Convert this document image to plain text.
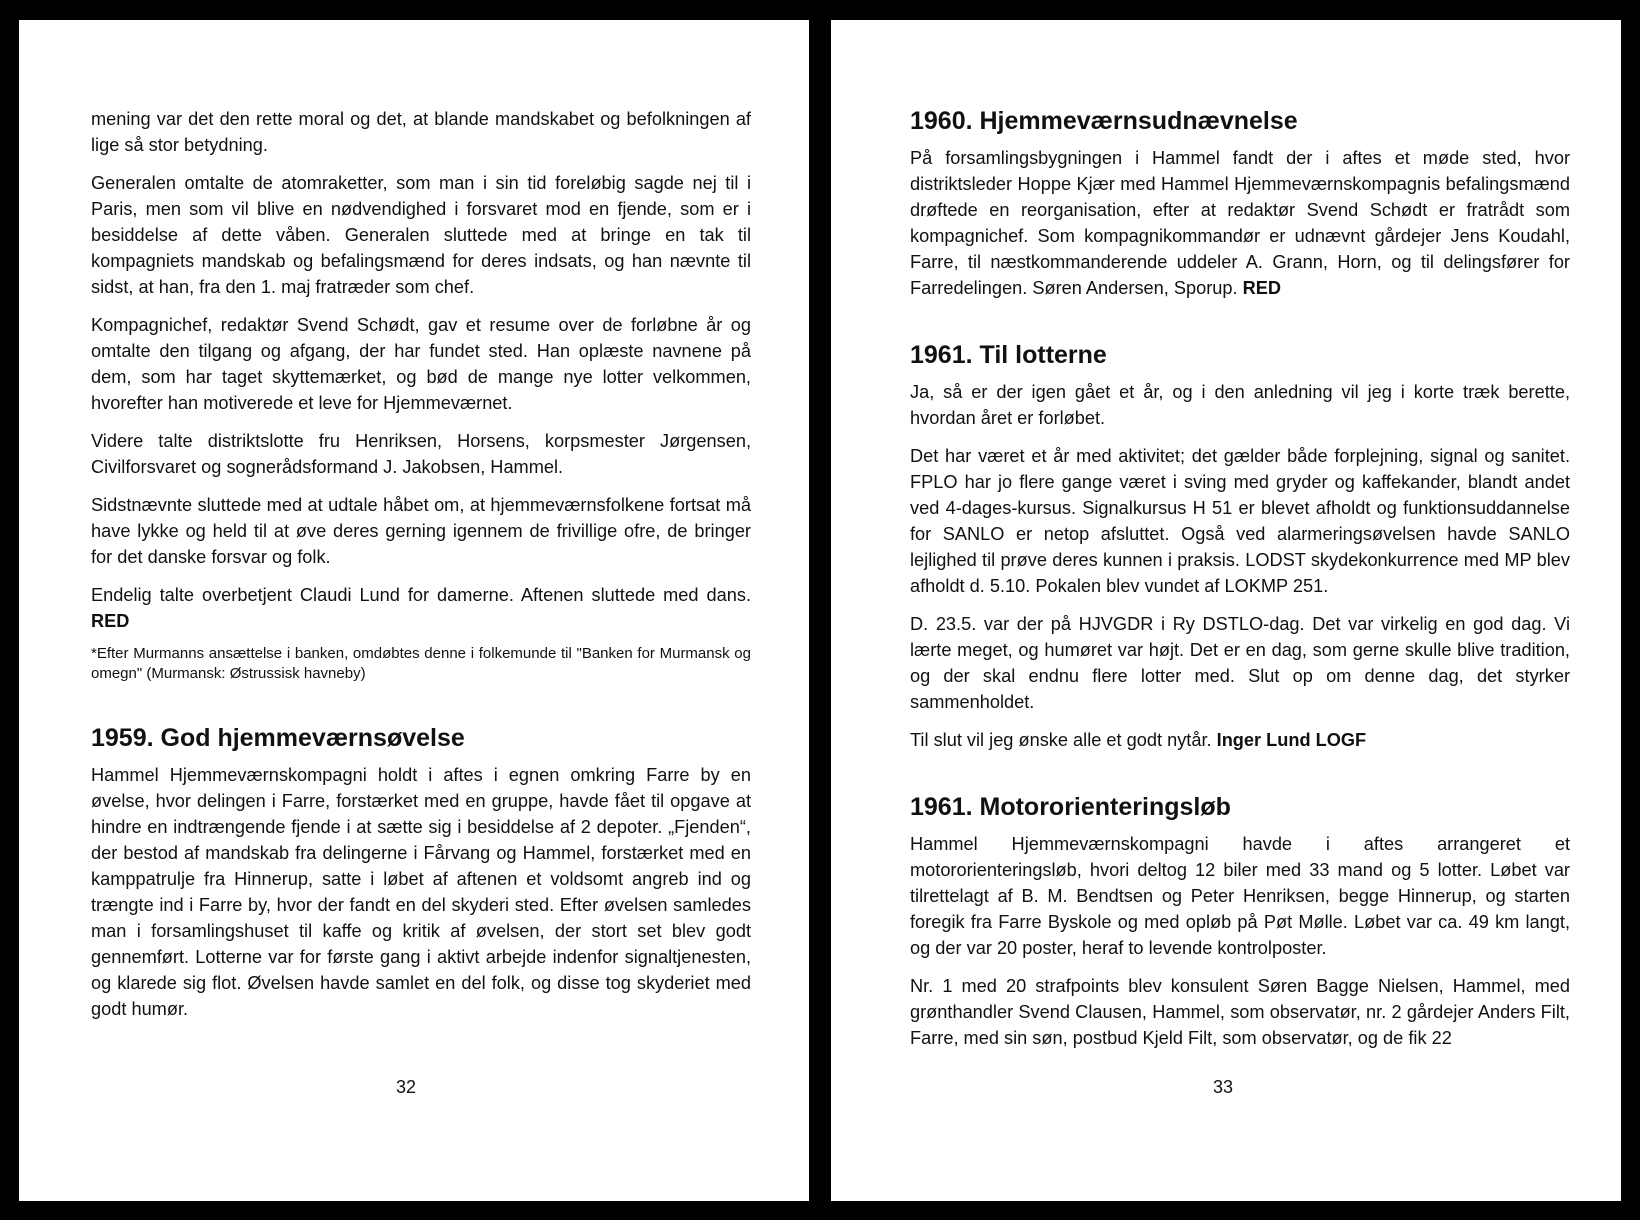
mening var det den rette moral og det, at blande mandskabet og befolkningen af lige så stor betydning.

Generalen omtalte de atomraketter, som man i sin tid foreløbig sagde nej til i Paris, men som vil blive en nødvendighed i forsvaret mod en fjende, som er i besiddelse af dette våben. Generalen sluttede med at bringe en tak til kompagniets mandskab og befalingsmænd for deres indsats, og han nævnte til sidst, at han, fra den 1. maj fratræder som chef.

Kompagnichef, redaktør Svend Schødt, gav et resume over de forløbne år og omtalte den tilgang og afgang, der har fundet sted. Han oplæste navnene på dem, som har taget skyttemærket, og bød de mange nye lotter velkommen, hvorefter han motiverede et leve for Hjemmeværnet.

Videre talte distriktslotte fru Henriksen, Horsens, korpsmester Jørgensen, Civilforsvaret og sognerådsformand J. Jakobsen, Hammel.

Sidstnævnte sluttede med at udtale håbet om, at hjemmeværnsfolkene fortsat må have lykke og held til at øve deres gerning igennem de frivillige ofre, de bringer for det danske forsvar og folk.

Endelig talte overbetjent Claudi Lund for damerne. Aftenen sluttede med dans. RED

*Efter Murmanns ansættelse i banken, omdøbtes denne i folkemunde til "Banken for Murmansk og omegn" (Murmansk: Østrussisk havneby)

1959. God hjemmeværnsøvelse

Hammel Hjemmeværnskompagni holdt i aftes i egnen omkring Farre by en øvelse, hvor delingen i Farre, forstærket med en gruppe, havde fået til opgave at hindre en indtrængende fjende i at sætte sig i besiddelse af 2 depoter. „Fjenden“, der bestod af mandskab fra delingerne i Fårvang og Hammel, forstærket med en kamppatrulje fra Hinnerup, satte i løbet af aftenen et voldsomt angreb ind og trængte ind i Farre by, hvor der fandt en del skyderi sted. Efter øvelsen samledes man i forsamlingshuset til kaffe og kritik af øvelsen, der stort set blev godt gennemført. Lotterne var for første gang i aktivt arbejde indenfor signaltjenesten, og klarede sig flot. Øvelsen havde samlet en del folk, og disse tog skyderiet med godt humør.

32
1960. Hjemmeværnsudnævnelse

På forsamlingsbygningen i Hammel fandt der i aftes et møde sted, hvor distriktsleder Hoppe Kjær med Hammel Hjemmeværnskompagnis befalingsmænd drøftede en reorganisation, efter at redaktør Svend Schødt er fratrådt som kompagnichef. Som kompagnikommandør er udnævnt gårdejer Jens Koudahl, Farre, til næstkommanderende uddeler A. Grann, Horn, og til delingsfører for Farredelingen. Søren Andersen, Sporup. RED

1961. Til lotterne

Ja, så er der igen gået et år, og i den anledning vil jeg i korte træk berette, hvordan året er forløbet.

Det har været et år med aktivitet; det gælder både forplejning, signal og sanitet. FPLO har jo flere gange været i sving med gryder og kaffekander, blandt andet ved 4-dages-kursus. Signalkursus H 51 er blevet afholdt og funktionsuddannelse for SANLO er netop afsluttet. Også ved alarmeringsøvelsen havde SANLO lejlighed til prøve deres kunnen i praksis. LODST skydekonkurrence med MP blev afholdt d. 5.10. Pokalen blev vundet af LOKMP 251.

D. 23.5. var der på HJVGDR i Ry DSTLO-dag. Det var virkelig en god dag. Vi lærte meget, og humøret var højt. Det er en dag, som gerne skulle blive tradition, og der skal endnu flere lotter med. Slut op om denne dag, det styrker sammenholdet.

Til slut vil jeg ønske alle et godt nytår. Inger Lund LOGF

1961. Motororienteringsløb

Hammel Hjemmeværnskompagni havde i aftes arrangeret et motororienteringsløb, hvori deltog 12 biler med 33 mand og 5 lotter. Løbet var tilrettelagt af B. M. Bendtsen og Peter Henriksen, begge Hinnerup, og starten foregik fra Farre Byskole og med opløb på Pøt Mølle. Løbet var ca. 49 km langt, og der var 20 poster, heraf to levende kontrolposter.

Nr. 1 med 20 strafpoints blev konsulent Søren Bagge Nielsen, Hammel, med grønthandler Svend Clausen, Hammel, som observatør, nr. 2 gårdejer Anders Filt, Farre, med sin søn, postbud Kjeld Filt, som observatør, og de fik 22

33
